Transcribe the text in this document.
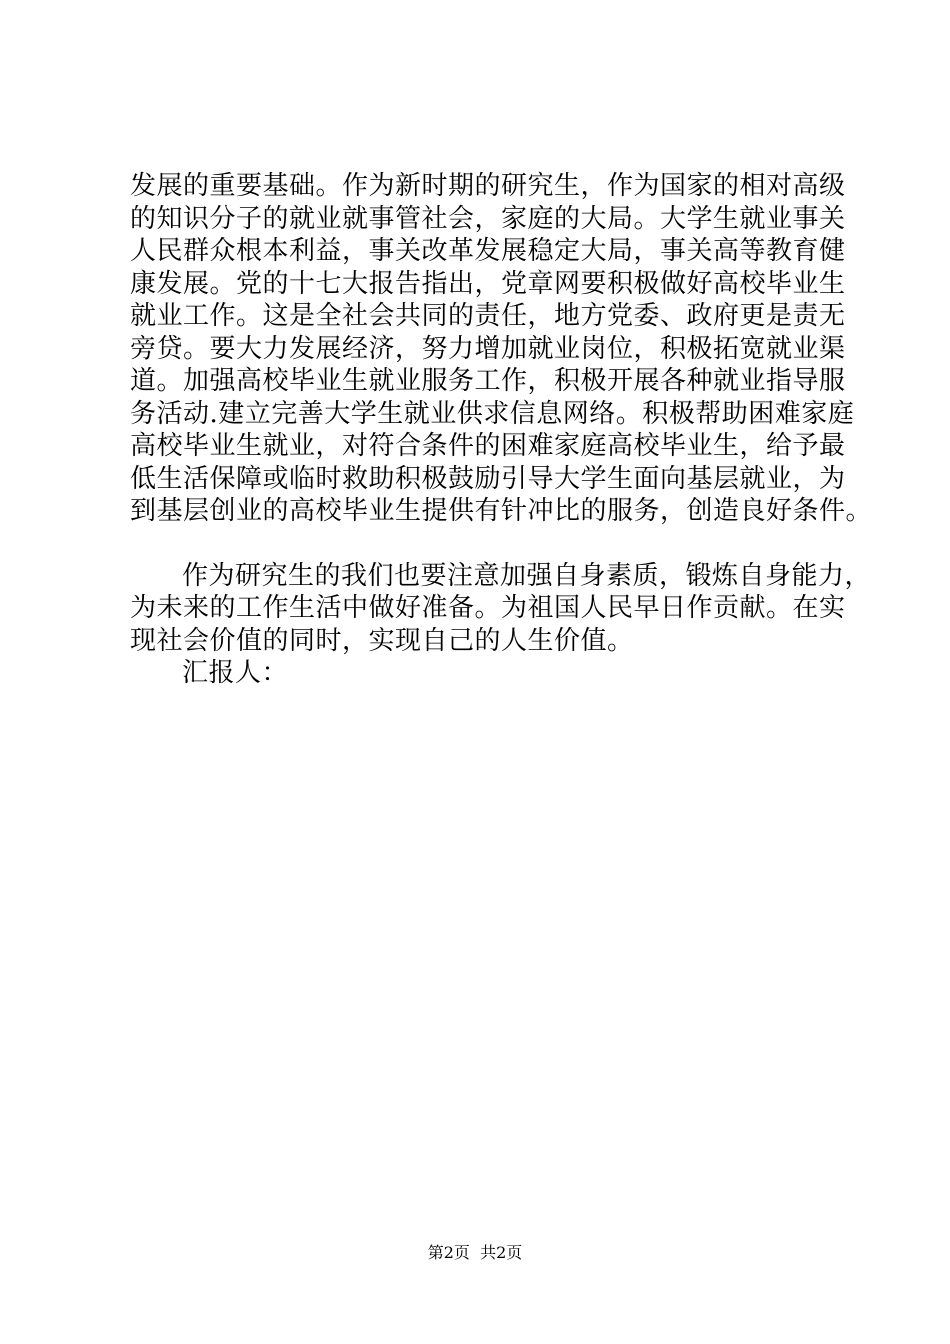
发展的重要基础。作为新时期的研究生，作为国家的相对高级
的知识分子的就业就事管社会，家庭的大局。大学生就业事关
人民群众根本利益，事关改革发展稳定大局，事关高等教育健
康发展。党的十七大报告指出，党章网要积极做好高校毕业生
就业工作。这是全社会共同的责任，地方党委、政府更是责无
旁贷。要大力发展经济，努力增加就业岗位，积极拓宽就业渠
道。加强高校毕业生就业服务工作，积极开展各种就业指导服
务活动.建立完善大学生就业供求信息网络。积极帮助困难家庭
高校毕业生就业，对符合条件的困难家庭高校毕业生，给予最
低生活保障或临时救助积极鼓励引导大学生面向基层就业，为
到基层创业的高校毕业生提供有针冲比的服务，创造良好条件。
作为研究生的我们也要注意加强自身素质，锻炼自身能力，
为未来的工作生活中做好准备。为祖国人民早日作贡献。在实
现社会价值的同时，实现自己的人生价值。
汇报人：
第2页  共2页
